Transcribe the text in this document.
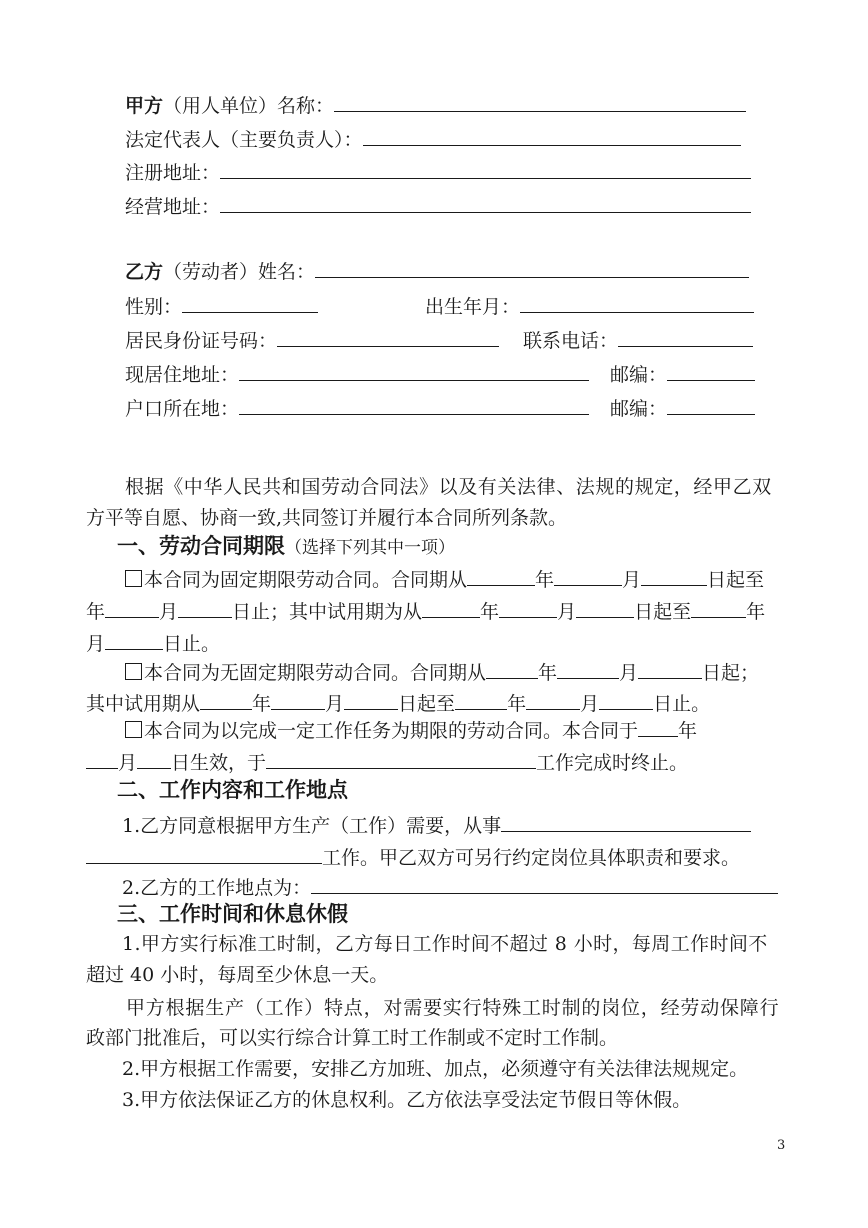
甲方（用人单位）名称：
法定代表人（主要负责人）：
注册地址：
经营地址：
乙方（劳动者）姓名：
性别：	出生年月：
居民身份证号码：	联系电话：
现居住地址：	邮编：
户口所在地：	邮编：
根据《中华人民共和国劳动合同法》以及有关法律、法规的规定，经甲乙双
方平等自愿、协商一致,共同签订并履行本合同所列条款。
一、劳动合同期限（选择下列其中一项）
本合同为固定期限劳动合同。合同期从	年	月	日起至
年	月	日止；其中试用期为从	年	月	日起至	年
月	日止。
本合同为无固定期限劳动合同。合同期从	年	月	日起；
其中试用期从	年	月	日起至	年	月	日止。
本合同为以完成一定工作任务为期限的劳动合同。本合同于 年
月 日生效，于	工作完成时终止。
二、工作内容和工作地点
1.乙方同意根据甲方生产（工作）需要，从事
工作。甲乙双方可另行约定岗位具体职责和要求。
2.乙方的工作地点为：
三、工作时间和休息休假
1.甲方实行标准工时制，乙方每日工作时间不超过 8 小时，每周工作时间不
超过 40 小时，每周至少休息一天。
甲方根据生产（工作）特点，对需要实行特殊工时制的岗位，经劳动保障行
政部门批准后，可以实行综合计算工时工作制或不定时工作制。
2.甲方根据工作需要，安排乙方加班、加点，必须遵守有关法律法规规定。
3.甲方依法保证乙方的休息权利。乙方依法享受法定节假日等休假。
3
